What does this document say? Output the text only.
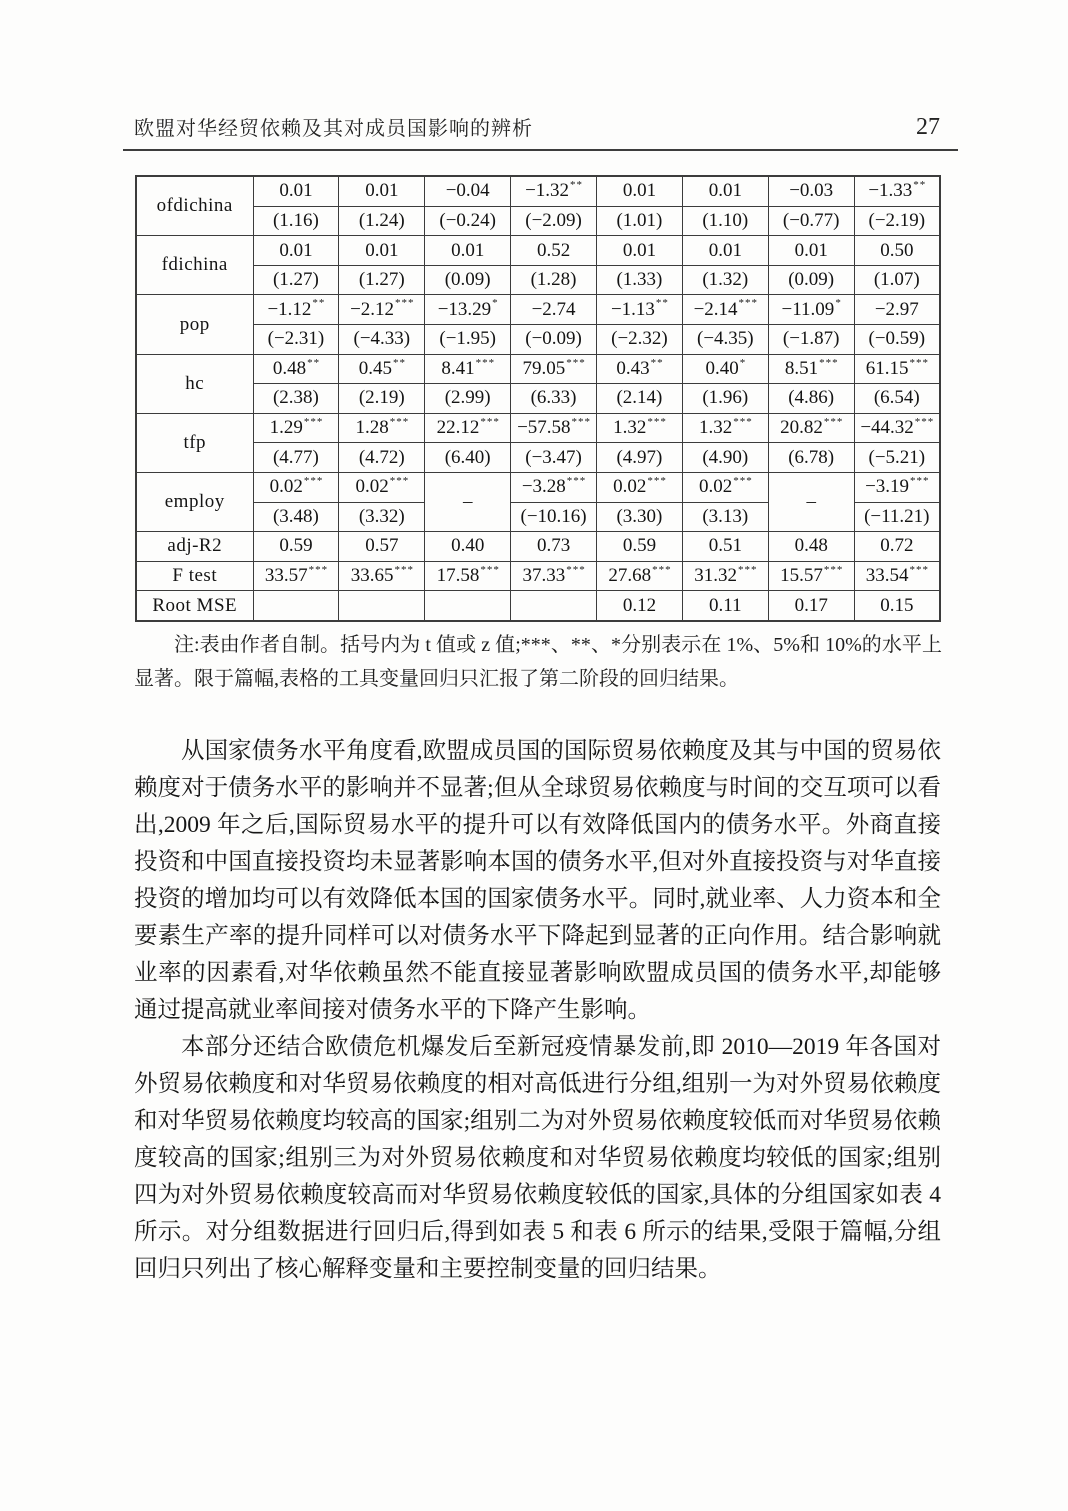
欧盟对华经贸依赖及其对成员国影响的辨析	27
ofdichina	0.01	0.01	−0.04	−1.32**	0.01	0.01	−0.03	−1.33**
	(1.16)	(1.24)	(−0.24)	(−2.09)	(1.01)	(1.10)	(−0.77)	(−2.19)
fdichina	0.01	0.01	0.01	0.52	0.01	0.01	0.01	0.50
	(1.27)	(1.27)	(0.09)	(1.28)	(1.33)	(1.32)	(0.09)	(1.07)
pop	−1.12**	−2.12***	−13.29*	−2.74	−1.13**	−2.14***	−11.09*	−2.97
	(−2.31)	(−4.33)	(−1.95)	(−0.09)	(−2.32)	(−4.35)	(−1.87)	(−0.59)
hc	0.48**	0.45**	8.41***	79.05***	0.43**	0.40*	8.51***	61.15***
	(2.38)	(2.19)	(2.99)	(6.33)	(2.14)	(1.96)	(4.86)	(6.54)
tfp	1.29***	1.28***	22.12***	−57.58***	1.32***	1.32***	20.82***	−44.32***
	(4.77)	(4.72)	(6.40)	(−3.47)	(4.97)	(4.90)	(6.78)	(−5.21)
employ	0.02***	0.02***	–	−3.28***	0.02***	0.02***	–	−3.19***
	(3.48)	(3.32)		(−10.16)	(3.30)	(3.13)		(−11.21)
adj-R2	0.59	0.57	0.40	0.73	0.59	0.51	0.48	0.72
F test	33.57***	33.65***	17.58***	37.33***	27.68***	31.32***	15.57***	33.54***
Root MSE					0.12	0.11	0.17	0.15
注:表由作者自制。括号内为 t 值或 z 值;***、**、*分别表示在 1%、5%和 10%的水平上显著。限于篇幅,表格的工具变量回归只汇报了第二阶段的回归结果。

从国家债务水平角度看,欧盟成员国的国际贸易依赖度及其与中国的贸易依赖度对于债务水平的影响并不显著;但从全球贸易依赖度与时间的交互项可以看出,2009 年之后,国际贸易水平的提升可以有效降低国内的债务水平。外商直接投资和中国直接投资均未显著影响本国的债务水平,但对外直接投资与对华直接投资的增加均可以有效降低本国的国家债务水平。同时,就业率、人力资本和全要素生产率的提升同样可以对债务水平下降起到显著的正向作用。结合影响就业率的因素看,对华依赖虽然不能直接显著影响欧盟成员国的债务水平,却能够通过提高就业率间接对债务水平的下降产生影响。

本部分还结合欧债危机爆发后至新冠疫情暴发前,即 2010—2019 年各国对外贸易依赖度和对华贸易依赖度的相对高低进行分组,组别一为对外贸易依赖度和对华贸易依赖度均较高的国家;组别二为对外贸易依赖度较低而对华贸易依赖度较高的国家;组别三为对外贸易依赖度和对华贸易依赖度均较低的国家;组别四为对外贸易依赖度较高而对华贸易依赖度较低的国家,具体的分组国家如表 4 所示。对分组数据进行回归后,得到如表 5 和表 6 所示的结果,受限于篇幅,分组回归只列出了核心解释变量和主要控制变量的回归结果。
